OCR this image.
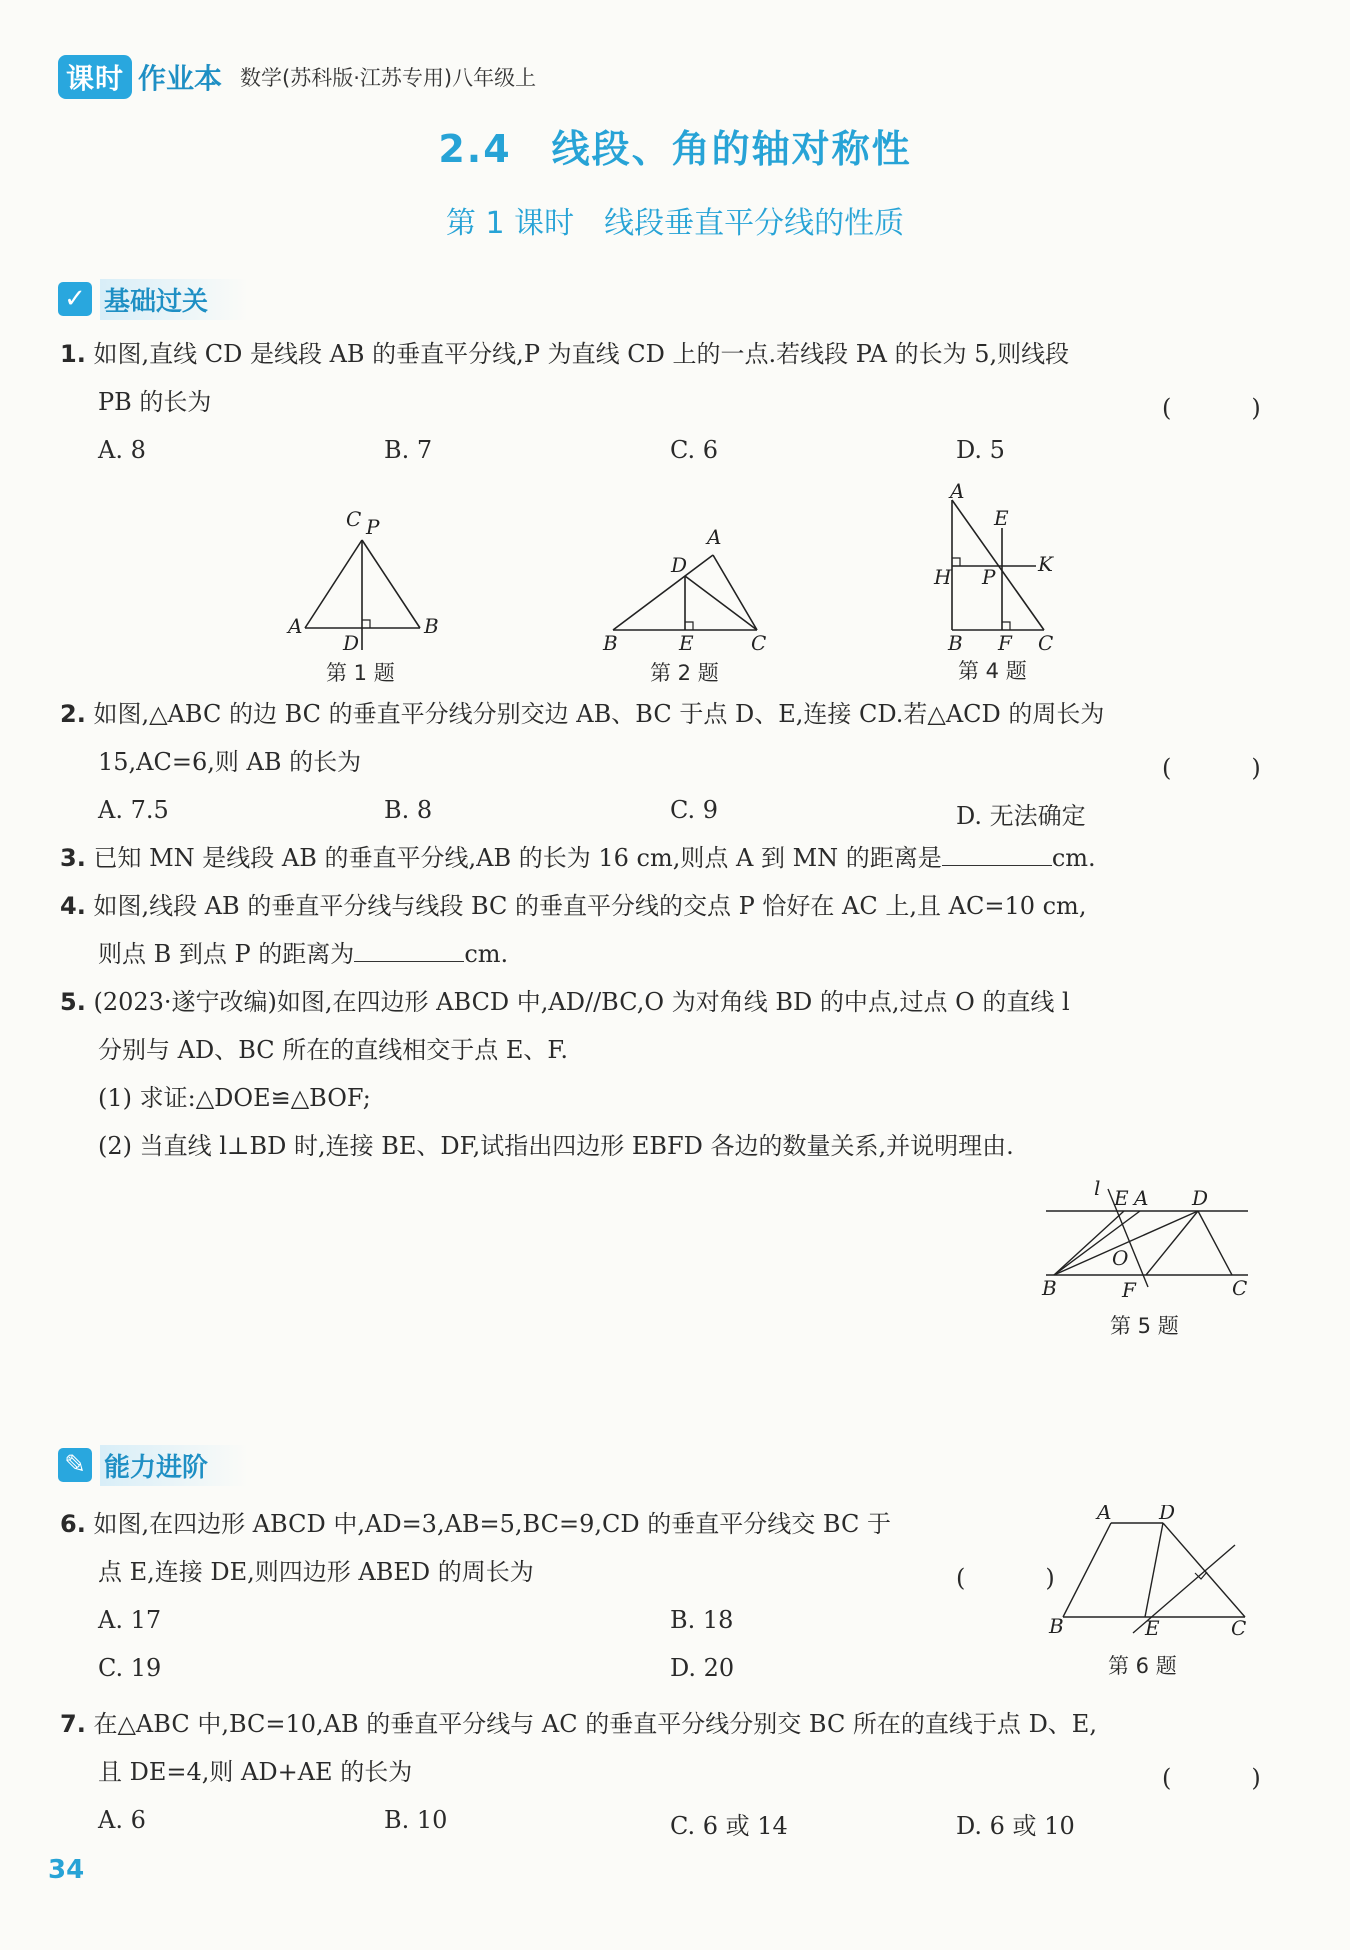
课时 作业本 数学(苏科版·江苏专用)八年级上
2.4　线段、角的轴对称性
第 1 课时　线段垂直平分线的性质
✓ 基础过关
1. 如图,直线 CD 是线段 AB 的垂直平分线,P 为直线 CD 上的一点.若线段 PA 的长为 5,则线段
PB 的长为	(　)
A. 8	B. 7	C. 6	D. 5
C P
A	B
D
第 1 题
A
D
B	E	C
第 2 题
A
E
H P
K
B F C
第 4 题
2. 如图,△ABC 的边 BC 的垂直平分线分别交边 AB、BC 于点 D、E,连接 CD.若△ACD 的周长为
15,AC=6,则 AB 的长为	(　)
A. 7.5	B. 8	C. 9	D. 无法确定
3. 已知 MN 是线段 AB 的垂直平分线,AB 的长为 16 cm,则点 A 到 MN 的距离是	cm.
4. 如图,线段 AB 的垂直平分线与线段 BC 的垂直平分线的交点 P 恰好在 AC 上,且 AC=10 cm,
则点 B 到点 P 的距离为	cm.
5. (2023·遂宁改编)如图,在四边形 ABCD 中,AD//BC,O 为对角线 BD 的中点,过点 O 的直线 l
分别与 AD、BC 所在的直线相交于点 E、F.
(1) 求证:△DOE≌△BOF;
(2) 当直线 l⊥BD 时,连接 BE、DF,试指出四边形 EBFD 各边的数量关系,并说明理由.
l E A D
O
B	F	C
第 5 题
✎ 能力进阶
6. 如图,在四边形 ABCD 中,AD=3,AB=5,BC=9,CD 的垂直平分线交 BC 于
点 E,连接 DE,则四边形 ABED 的周长为	(　)
A. 17	B. 18
C. 19	D. 20
A D
B	E	C
第 6 题
7. 在△ABC 中,BC=10,AB 的垂直平分线与 AC 的垂直平分线分别交 BC 所在的直线于点 D、E,
且 DE=4,则 AD+AE 的长为	(　)
A. 6	B. 10	C. 6 或 14	D. 6 或 10
34
